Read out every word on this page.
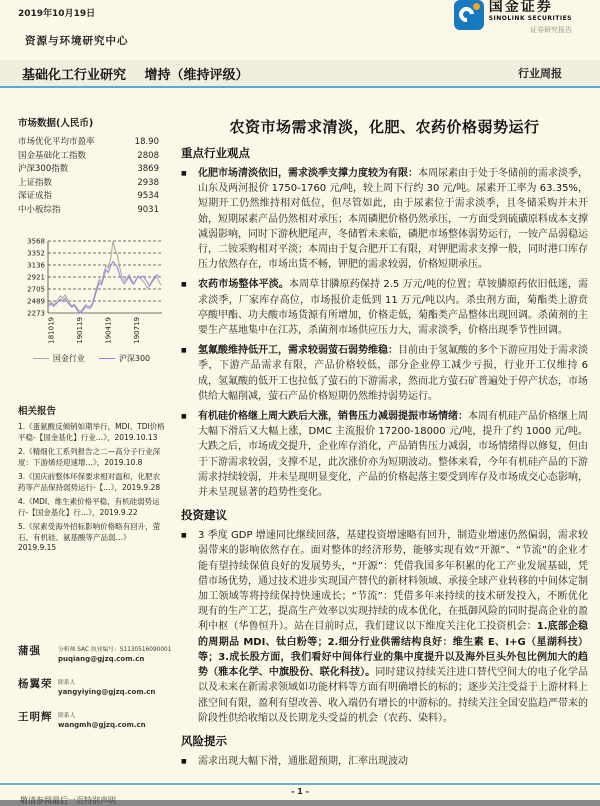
2019年10月19日	国金证券
SINOLINK SECURITIES
证券研究报告
资源与环境研究中心
基础化工行业研究 增持（维持评级）	行业周报
市场数据(人民币)
市场优化平均市盈率	18.90
国金基础化工指数	2808
沪深300指数	3869
上证指数	2938
深证成指	9534
中小板综指	9031
2273
2489
2705
2921
3136
3352
3568
181019	190119	190419	190719
国金行业	沪深300
相关报告
1.《蛋氨酸反倾销如期举行，MDI、TDI价格平稳-【国金基化】行业…》，2019.10.13
2.《精细化工系列报告之二—高分子行业深度：下游烯烃迎速增…》，2019.10.8
3.《国庆前整体环保要求相对温和，化肥农药等产品保持弱势运行-【…》，2019.9.28
4.《MDI、维生素价格平稳，有机硅弱势运行-【国金基化】行…》，2019.9.22
5.《尿素受海外招标影响价格略有回升，萤石、有机硅、氨基酸等产品弱…》2019.9.15
蒲强	分析师 SAC 执业编号：S1130516090001
puqiang@gjzq.com.cn
杨翼荣 联系人
yangyiying@gjzq.com.cn
王明辉 联系人
wangmh@gjzq.com.cn
农资市场需求清淡，化肥、农药价格弱势运行
重点行业观点
■	化肥市场清淡依旧，需求淡季支撑力度较为有限：本周尿素由于处于冬储前的需求淡季，山东及两河报价 1750-1760 元/吨，较上周下行约 30 元/吨。尿素开工率为 63.35%，短期开工仍然维持相对低位，但尽管如此，由于尿素位于需求淡季，且冬储采购并未开始，短期尿素产品仍然相对承压；本周磷肥价格仍然承压，一方面受到硫磺原料成本支撑减弱影响，同时下游秋肥尾声，冬储暂未来临，磷肥市场整体弱势运行，一铵产品弱稳运行，二铵采购相对平淡；本周由于复合肥开工有限，对钾肥需求支撑一般，同时港口库存压力依然存在，市场出货不畅，钾肥的需求较弱，价格短期承压。

■	农药市场整体平淡。本周草甘膦原药保持 2.5 万元/吨的位置；草铵膦原药依旧低迷，需求淡季，厂家库存高位，市场报价走低到 11 万元/吨以内。杀虫剂方面，菊酯类上游贲亭酸甲酯、功夫酸市场货源有所增加，价格走低，菊酯类产品整体出现回调。杀菌剂的主要生产基地集中在江苏，杀菌剂市场供应压力大，需求淡季，价格出现季节性回调。

■	氢氟酸维持低开工，需求较弱萤石弱势维稳：目前由于氢氟酸的多个下游应用处于需求淡季，下游产品需求有限，产品价格较低，部分企业停工减少亏损，行业开工仅维持 6 成，氢氟酸的低开工也拉低了萤石的下游需求，然而北方萤石矿普遍处于停产状态，市场供给大幅削减，萤石产品价格短期仍然维持弱势运行。

■	有机硅价格继上周大跌后大涨，销售压力减弱提振市场情绪：本周有机硅产品价格继上周大幅下滑后又大幅上涨，DMC 主流报价 17200-18000 元/吨，提升了约 1000 元/吨。大跌之后，市场成交提升，企业库存消化，产品销售压力减弱，市场情绪得以修复，但由于下游需求较弱，支撑不足，此次涨价亦为短期波动。整体来看，今年有机硅产品的下游需求持续较弱，并未呈现明显变化，产品的价格起落主要受到库存及市场成交心态影响，并未呈现显著的趋势性变化。

投资建议
■	3 季度 GDP 增速同比继续回落，基建投资增速略有回升，制造业增速仍然偏弱，需求较弱带来的影响依然存在。面对整体的经济形势，能够实现有效“开源”、“节流”的企业才能有望持续保值良好的发展势头，“开源”：凭借我国多年积累的化工产业发展基础，凭借市场优势，通过技术进步实现国产替代的新材料领域、承接全球产业转移的中间体定制加工领域等将持续保持快速成长；“节流”：凭借多年来持续的技术研发投入，不断优化现有的生产工艺，提高生产效率以实现持续的成本优化，在抵御风险的同时提高企业的盈利中枢（华鲁恒升）。站在目前时点，我们建议以下维度关注化工投资机会：1.底部企稳的周期品 MDI、钛白粉等；2.细分行业供需结构良好：维生素 E、I+G（星湖科技）等；3.成长股方面，我们看好中间体行业的集中度提升以及海外巨头外包比例加大的趋势（雅本化学、中旗股份、联化科技）。同时建议持续关注进口替代空间大的电子化学品以及未来在新需求领域如功能材料等方面有明确增长的标的；逐步关注受益于上游材料上涨空间有限，盈利有望改善、收入端仍有增长的中游标的。持续关注全国安监趋严带来的阶段性供给收缩以及长期龙头受益的机会（农药、染料）。

风险提示
■	需求出现大幅下滑，通胀超预期，汇率出现波动

- 1 -
敬请参阅最后一页特别声明
